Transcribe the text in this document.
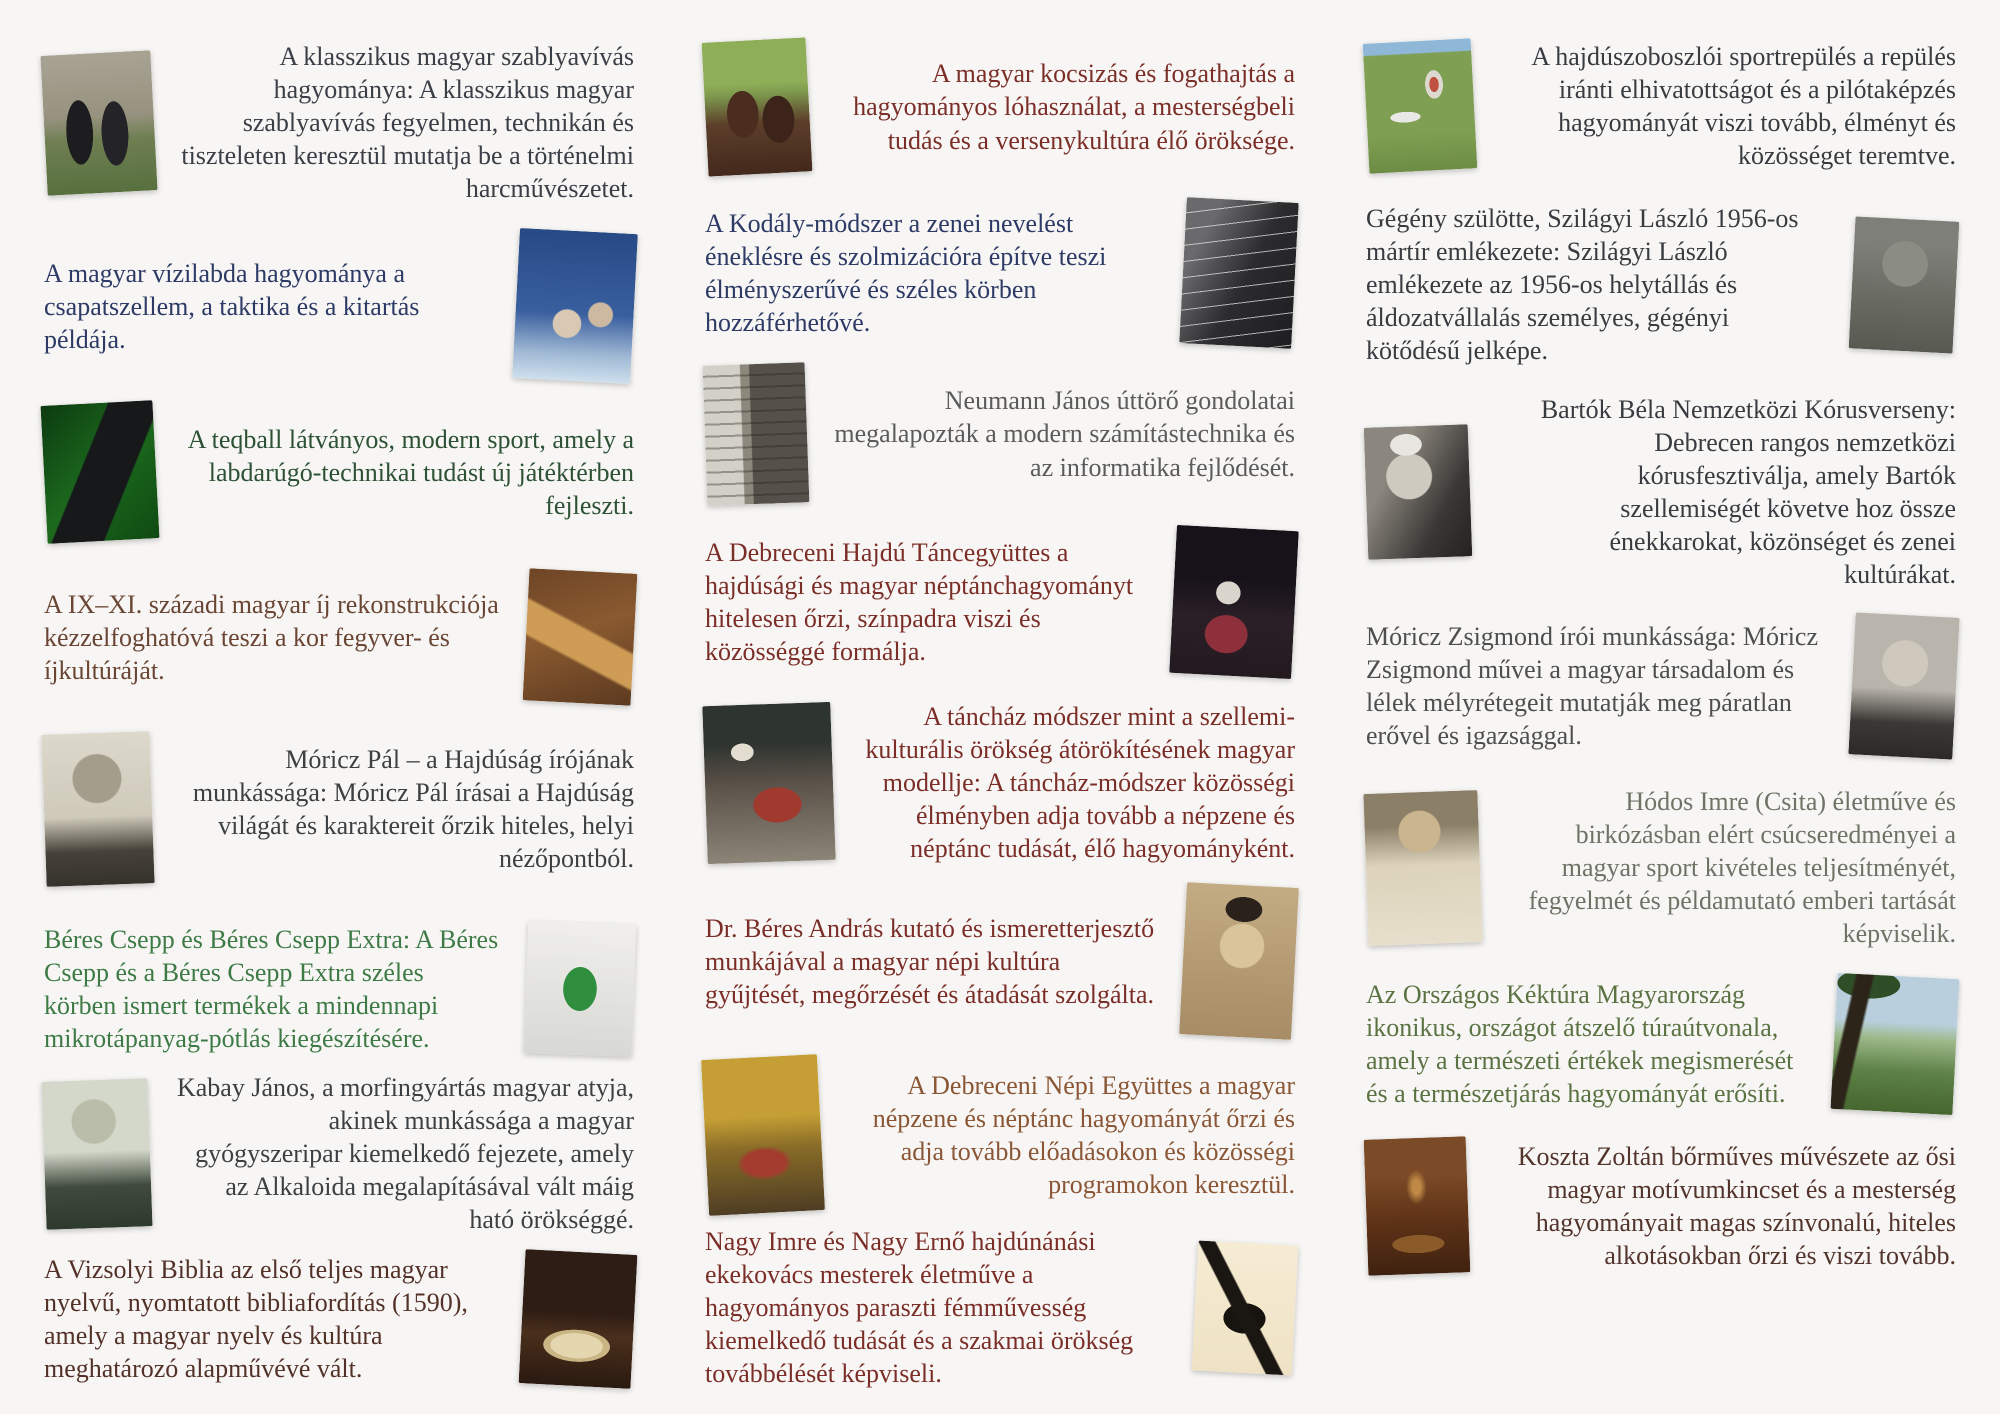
A klasszikus magyar szablyavívás hagyománya: A klasszikus magyar szablyavívás fegyelmen, technikán és tiszteleten keresztül mutatja be a történelmi harcművészetet.

A magyar vízilabda hagyománya a csapatszellem, a taktika és a kitartás példája.

A teqball látványos, modern sport, amely a labdarúgó-technikai tudást új játéktérben fejleszti.

A IX–XI. századi magyar íj rekonstrukciója kézzelfoghatóvá teszi a kor fegyver- és íjkultúráját.

Móricz Pál – a Hajdúság írójának munkássága: Móricz Pál írásai a Hajdúság világát és karaktereit őrzik hiteles, helyi nézőpontból.

Béres Csepp és Béres Csepp Extra: A Béres Csepp és a Béres Csepp Extra széles körben ismert termékek a mindennapi mikrotápanyag-pótlás kiegészítésére.

Kabay János, a morfingyártás magyar atyja, akinek munkássága a magyar gyógyszeripar kiemelkedő fejezete, amely az Alkaloida megalapításával vált máig ható örökséggé.

A Vizsolyi Biblia az első teljes magyar nyelvű, nyomtatott bibliafordítás (1590), amely a magyar nyelv és kultúra meghatározó alapművévé vált.

A magyar kocsizás és fogathajtás a hagyományos lóhasználat, a mesterségbeli tudás és a versenykultúra élő öröksége.

A Kodály-módszer a zenei nevelést éneklésre és szolmizációra építve teszi élményszerűvé és széles körben hozzáférhetővé.

Neumann János úttörő gondolatai megalapozták a modern számítástechnika és az informatika fejlődését.

A Debreceni Hajdú Táncegyüttes a hajdúsági és magyar néptánchagyományt hitelesen őrzi, színpadra viszi és közösséggé formálja.

A táncház módszer mint a szellemi-kulturális örökség átörökítésének magyar modellje: A táncház-módszer közösségi élményben adja tovább a népzene és néptánc tudását, élő hagyományként.

Dr. Béres András kutató és ismeretterjesztő munkájával a magyar népi kultúra gyűjtését, megőrzését és átadását szolgálta.

A Debreceni Népi Együttes a magyar népzene és néptánc hagyományát őrzi és adja tovább előadásokon és közösségi programokon keresztül.

Nagy Imre és Nagy Ernő hajdúnánási ekekovács mesterek életműve a hagyományos paraszti fémművesség kiemelkedő tudását és a szakmai örökség továbbélését képviseli.

A hajdúszoboszlói sportrepülés a repülés iránti elhivatottságot és a pilótaképzés hagyományát viszi tovább, élményt és közösséget teremtve.

Gégény szülötte, Szilágyi László 1956-os mártír emlékezete: Szilágyi László emlékezete az 1956-os helytállás és áldozatvállalás személyes, gégényi kötődésű jelképe.

Bartók Béla Nemzetközi Kórusverseny: Debrecen rangos nemzetközi kórusfesztiválja, amely Bartók szellemiségét követve hoz össze énekkarokat, közönséget és zenei kultúrákat.

Móricz Zsigmond írói munkássága: Móricz Zsigmond művei a magyar társadalom és lélek mélyrétegeit mutatják meg páratlan erővel és igazsággal.

Hódos Imre (Csita) életműve és birkózásban elért csúcseredményei a magyar sport kivételes teljesítményét, fegyelmét és példamutató emberi tartását képviselik.

Az Országos Kéktúra Magyarország ikonikus, országot átszelő túraútvonala, amely a természeti értékek megismerését és a természetjárás hagyományát erősíti.

Koszta Zoltán bőrműves művészete az ősi magyar motívumkincset és a mesterség hagyományait magas színvonalú, hiteles alkotásokban őrzi és viszi tovább.
